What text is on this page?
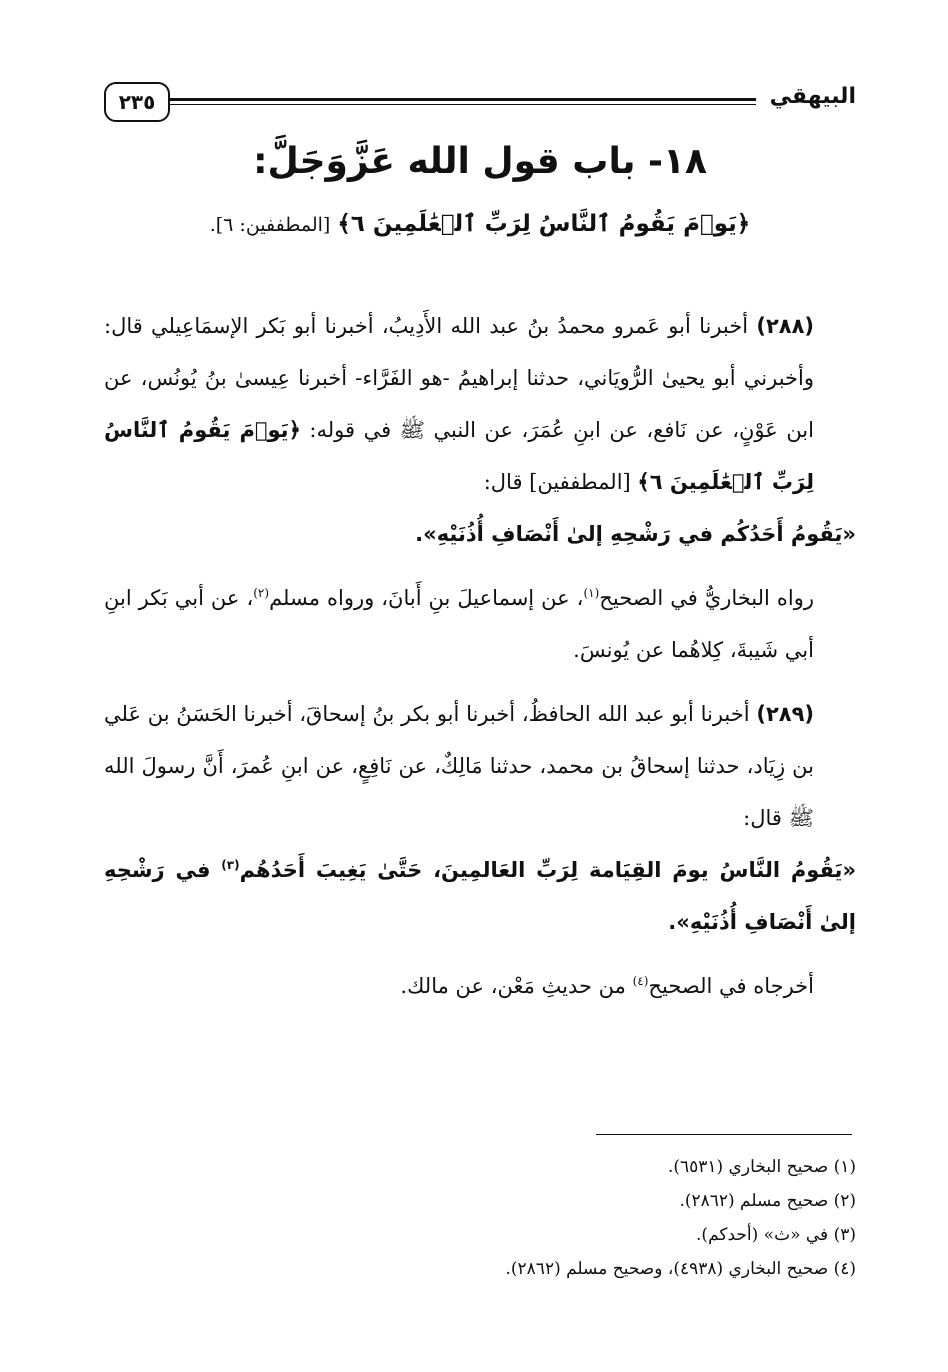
البيهقي
٢٣٥
١٨- باب قول الله عَزَّوَجَلَّ:
﴿يَوۡمَ يَقُومُ ٱلنَّاسُ لِرَبِّ ٱلۡعَٰلَمِينَ ٦﴾ [المطففين: ٦].

(٢٨٨) أخبرنا أبو عَمرو محمدُ بنُ عبد الله الأَدِيبُ، أخبرنا أبو بَكر الإسمَاعِيلي قال: وأخبرني أبو يحيىٰ الرُّويَاني، حدثنا إبراهيمُ -هو الفَرَّاء- أخبرنا عِيسىٰ بنُ يُونُس، عن ابن عَوْنٍ، عن نَافع، عن ابنِ عُمَرَ، عن النبي ﷺ في قوله: ﴿يَوۡمَ يَقُومُ ٱلنَّاسُ لِرَبِّ ٱلۡعَٰلَمِينَ ٦﴾ [المطففين] قال:

«يَقُومُ أَحَدُكُم في رَشْحِهِ إلىٰ أَنْصَافِ أُذُنَيْهِ».

رواه البخاريُّ في الصحيح$^{(١)}$، عن إسماعيلَ بنِ أَبانَ، ورواه مسلم$^{(٢)}$، عن أبي بَكر ابنِ أبي شَيبةَ، كِلاهُما عن يُونسَ.

(٢٨٩) أخبرنا أبو عبد الله الحافظُ، أخبرنا أبو بكر بنُ إسحاقَ، أخبرنا الحَسَنُ بن عَلي بن زِيَاد، حدثنا إسحاقُ بن محمد، حدثنا مَالِكٌ، عن نَافِعٍ، عن ابنِ عُمرَ، أَنَّ رسولَ الله ﷺ قال:

«يَقُومُ النَّاسُ يومَ القِيَامة لِرَبِّ العَالمِينَ، حَتَّىٰ يَغِيبَ أَحَدُهُم$^{(٣)}$ في رَشْحِهِ إلىٰ أَنْصَافِ أُذُنَيْهِ».

أخرجاه في الصحيح$^{(٤)}$ من حديثِ مَعْن، عن مالك.

(١) صحيح البخاري (٦٥٣١).

(٢) صحيح مسلم (٢٨٦٢).

(٣) في «ث» (أحدكم).

(٤) صحيح البخاري (٤٩٣٨)، وصحيح مسلم (٢٨٦٢).
